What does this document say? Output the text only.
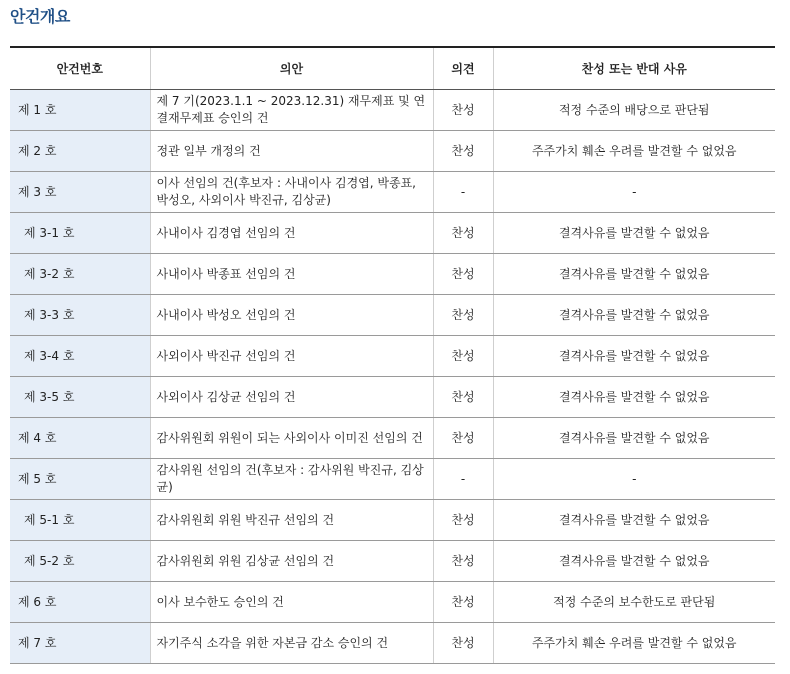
안건개요
안건번호	의안	의견	찬성 또는 반대 사유
제 1 호	제 7 기(2023.1.1 ~ 2023.12.31) 재무제표 및 연결재무제표 승인의 건	찬성	적정 수준의 배당으로 판단됨
제 2 호	정관 일부 개정의 건	찬성	주주가치 훼손 우려를 발견할 수 없었음
제 3 호	이사 선임의 건(후보자 : 사내이사 김경엽, 박종표, 박성오, 사외이사 박진규, 김상균)	-	-
제 3-1 호	사내이사 김경엽 선임의 건	찬성	결격사유를 발견할 수 없었음
제 3-2 호	사내이사 박종표 선임의 건	찬성	결격사유를 발견할 수 없었음
제 3-3 호	사내이사 박성오 선임의 건	찬성	결격사유를 발견할 수 없었음
제 3-4 호	사외이사 박진규 선임의 건	찬성	결격사유를 발견할 수 없었음
제 3-5 호	사외이사 김상균 선임의 건	찬성	결격사유를 발견할 수 없었음
제 4 호	감사위원회 위원이 되는 사외이사 이미진 선임의 건	찬성	결격사유를 발견할 수 없었음
제 5 호	감사위원 선임의 건(후보자 : 감사위원 박진규, 김상균)	-	-
제 5-1 호	감사위원회 위원 박진규 선임의 건	찬성	결격사유를 발견할 수 없었음
제 5-2 호	감사위원회 위원 김상균 선임의 건	찬성	결격사유를 발견할 수 없었음
제 6 호	이사 보수한도 승인의 건	찬성	적정 수준의 보수한도로 판단됨
제 7 호	자기주식 소각을 위한 자본금 감소 승인의 건	찬성	주주가치 훼손 우려를 발견할 수 없었음
